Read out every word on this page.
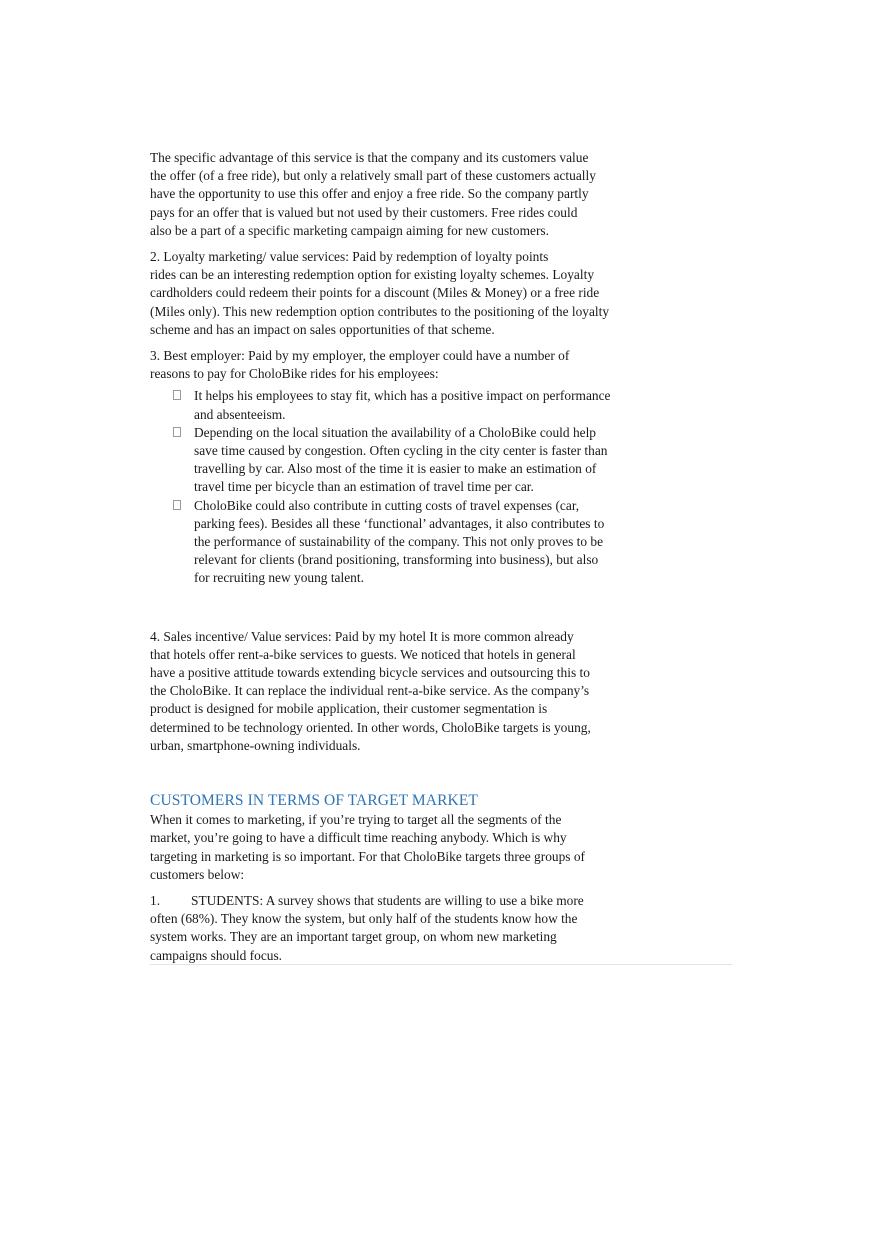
The specific advantage of this service is that the company and its customers value
the offer (of a free ride), but only a relatively small part of these customers actually
have the opportunity to use this offer and enjoy a free ride. So the company partly
pays for an offer that is valued but not used by their customers. Free rides could
also be a part of a specific marketing campaign aiming for new customers.

2. Loyalty marketing/ value services: Paid by redemption of loyalty points
rides can be an interesting redemption option for existing loyalty schemes. Loyalty
cardholders could redeem their points for a discount (Miles & Money) or a free ride
(Miles only). This new redemption option contributes to the positioning of the loyalty
scheme and has an impact on sales opportunities of that scheme.

3. Best employer: Paid by my employer, the employer could have a number of
reasons to pay for CholoBike rides for his employees:

It helps his employees to stay fit, which has a positive impact on performance
and absenteeism.
Depending on the local situation the availability of a CholoBike could help
save time caused by congestion. Often cycling in the city center is faster than
travelling by car. Also most of the time it is easier to make an estimation of
travel time per bicycle than an estimation of travel time per car.
CholoBike could also contribute in cutting costs of travel expenses (car,
parking fees). Besides all these ‘functional’ advantages, it also contributes to
the performance of sustainability of the company. This not only proves to be
relevant for clients (brand positioning, transforming into business), but also
for recruiting new young talent.

4. Sales incentive/ Value services: Paid by my hotel It is more common already
that hotels offer rent-a-bike services to guests. We noticed that hotels in general
have a positive attitude towards extending bicycle services and outsourcing this to
the CholoBike. It can replace the individual rent-a-bike service. As the company’s
product is designed for mobile application, their customer segmentation is
determined to be technology oriented. In other words, CholoBike targets is young,
urban, smartphone-owning individuals.

CUSTOMERS IN TERMS OF TARGET MARKET

When it comes to marketing, if you’re trying to target all the segments of the
market, you’re going to have a difficult time reaching anybody. Which is why
targeting in marketing is so important. For that CholoBike targets three groups of
customers below:

1. STUDENTS: A survey shows that students are willing to use a bike more
often (68%). They know the system, but only half of the students know how the
system works. They are an important target group, on whom new marketing
campaigns should focus.
